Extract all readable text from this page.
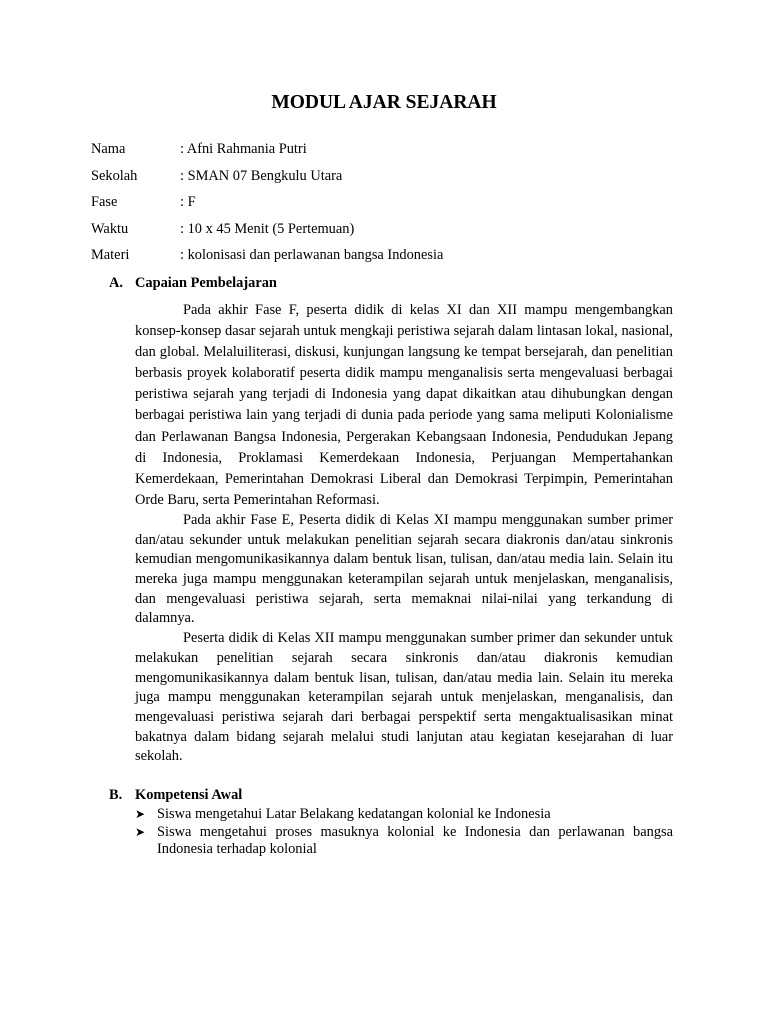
MODUL AJAR SEJARAH
Nama	: Afni Rahmania Putri
Sekolah	: SMAN 07 Bengkulu Utara
Fase	: F
Waktu	: 10 x 45 Menit (5 Pertemuan)
Materi	: kolonisasi dan perlawanan bangsa Indonesia
A. Capaian Pembelajaran

Pada akhir Fase F, peserta didik di kelas XI dan XII mampu mengembangkan konsep-konsep dasar sejarah untuk mengkaji peristiwa sejarah dalam lintasan lokal, nasional, dan global. Melaluiliterasi, diskusi, kunjungan langsung ke tempat bersejarah, dan penelitian berbasis proyek kolaboratif peserta didik mampu menganalisis serta mengevaluasi berbagai peristiwa sejarah yang terjadi di Indonesia yang dapat dikaitkan atau dihubungkan dengan berbagai peristiwa lain yang terjadi di dunia pada periode yang sama meliputi Kolonialisme dan Perlawanan Bangsa Indonesia, Pergerakan Kebangsaan Indonesia, Pendudukan Jepang di Indonesia, Proklamasi Kemerdekaan Indonesia, Perjuangan Mempertahankan Kemerdekaan, Pemerintahan Demokrasi Liberal dan Demokrasi Terpimpin, Pemerintahan Orde Baru, serta Pemerintahan Reformasi.

Pada akhir Fase E, Peserta didik di Kelas XI mampu menggunakan sumber primer dan/atau sekunder untuk melakukan penelitian sejarah secara diakronis dan/atau sinkronis kemudian mengomunikasikannya dalam bentuk lisan, tulisan, dan/atau media lain. Selain itu mereka juga mampu menggunakan keterampilan sejarah untuk menjelaskan, menganalisis, dan mengevaluasi peristiwa sejarah, serta memaknai nilai-nilai yang terkandung di dalamnya.

Peserta didik di Kelas XII mampu menggunakan sumber primer dan sekunder untuk melakukan penelitian sejarah secara sinkronis dan/atau diakronis kemudian mengomunikasikannya dalam bentuk lisan, tulisan, dan/atau media lain. Selain itu mereka juga mampu menggunakan keterampilan sejarah untuk menjelaskan, menganalisis, dan mengevaluasi peristiwa sejarah dari berbagai perspektif serta mengaktualisasikan minat bakatnya dalam bidang sejarah melalui studi lanjutan atau kegiatan kesejarahan di luar sekolah.

B. Kompetensi Awal
➤ Siswa mengetahui Latar Belakang kedatangan kolonial ke Indonesia
➤ Siswa mengetahui proses masuknya kolonial ke Indonesia dan perlawanan bangsa Indonesia terhadap kolonial
